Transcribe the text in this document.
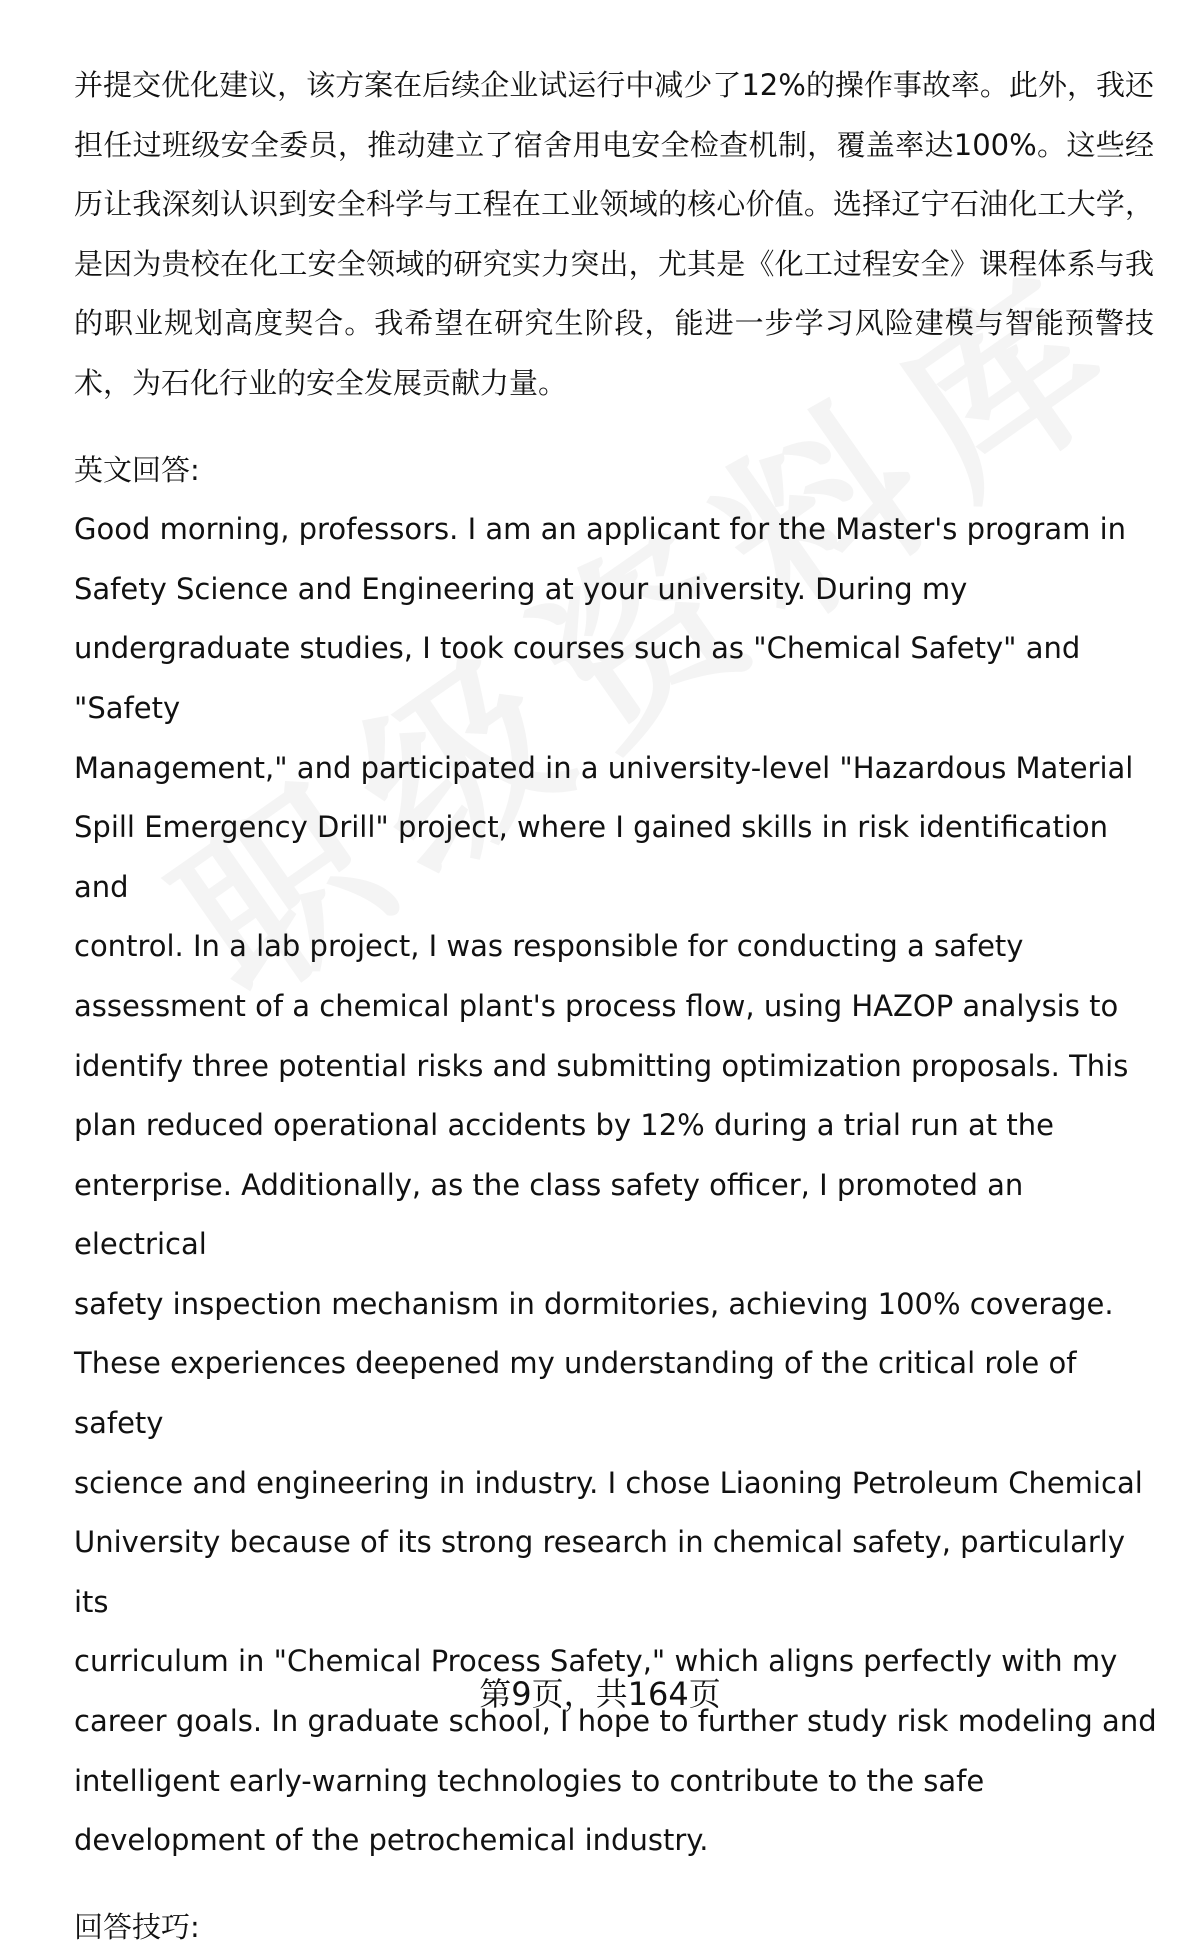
并提交优化建议，该方案在后续企业试运行中减少了12%的操作事故率。此外，我还担任过班级安全委员，推动建立了宿舍用电安全检查机制，覆盖率达100%。这些经历让我深刻认识到安全科学与工程在工业领域的核心价值。选择辽宁石油化工大学，是因为贵校在化工安全领域的研究实力突出，尤其是《化工过程安全》课程体系与我的职业规划高度契合。我希望在研究生阶段，能进一步学习风险建模与智能预警技术，为石化行业的安全发展贡献力量。

英文回答:

Good morning, professors. I am an applicant for the Master's program in
Safety Science and Engineering at your university. During my
undergraduate studies, I took courses such as "Chemical Safety" and "Safety
Management," and participated in a university-level "Hazardous Material
Spill Emergency Drill" project, where I gained skills in risk identification and
control. In a lab project, I was responsible for conducting a safety
assessment of a chemical plant's process flow, using HAZOP analysis to
identify three potential risks and submitting optimization proposals. This
plan reduced operational accidents by 12% during a trial run at the
enterprise. Additionally, as the class safety officer, I promoted an electrical
safety inspection mechanism in dormitories, achieving 100% coverage.
These experiences deepened my understanding of the critical role of safety
science and engineering in industry. I chose Liaoning Petroleum Chemical
University because of its strong research in chemical safety, particularly its
curriculum in "Chemical Process Safety," which aligns perfectly with my
career goals. In graduate school, I hope to further study risk modeling and
intelligent early-warning technologies to contribute to the safe
development of the petrochemical industry.

回答技巧:

第9页，共164页
